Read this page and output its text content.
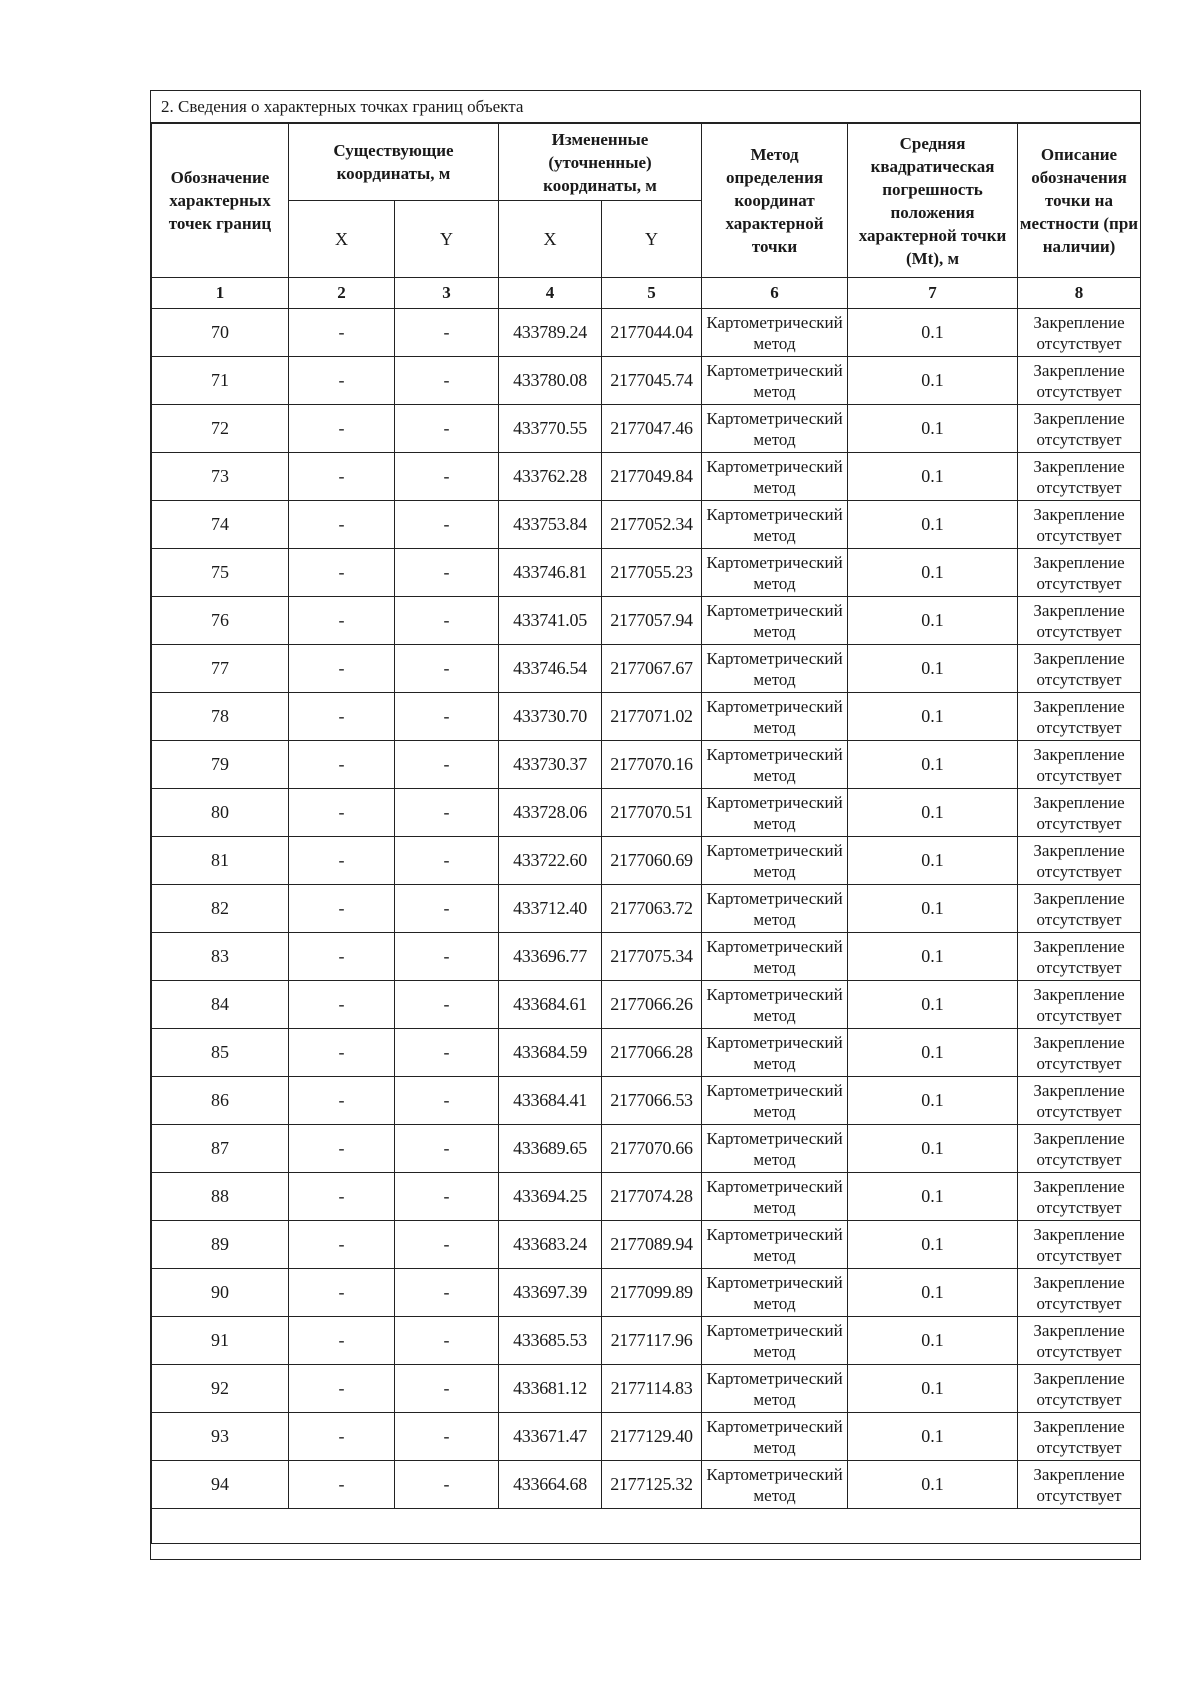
2. Сведения о характерных точках границ объекта
Обозначение характерных точек границ	Существующие координаты, м		Измененные (уточненные) координаты, м		Метод определения координат характерной точки	Средняя квадратическая погрешность положения характерной точки (Mt), м	Описание обозначения точки на местности (при наличии)
	X	Y	X	Y			
1	2	3	4	5	6	7	8
70	-	-	433789.24	2177044.04	Картометрический метод	0.1	Закрепление отсутствует
71	-	-	433780.08	2177045.74	Картометрический метод	0.1	Закрепление отсутствует
72	-	-	433770.55	2177047.46	Картометрический метод	0.1	Закрепление отсутствует
73	-	-	433762.28	2177049.84	Картометрический метод	0.1	Закрепление отсутствует
74	-	-	433753.84	2177052.34	Картометрический метод	0.1	Закрепление отсутствует
75	-	-	433746.81	2177055.23	Картометрический метод	0.1	Закрепление отсутствует
76	-	-	433741.05	2177057.94	Картометрический метод	0.1	Закрепление отсутствует
77	-	-	433746.54	2177067.67	Картометрический метод	0.1	Закрепление отсутствует
78	-	-	433730.70	2177071.02	Картометрический метод	0.1	Закрепление отсутствует
79	-	-	433730.37	2177070.16	Картометрический метод	0.1	Закрепление отсутствует
80	-	-	433728.06	2177070.51	Картометрический метод	0.1	Закрепление отсутствует
81	-	-	433722.60	2177060.69	Картометрический метод	0.1	Закрепление отсутствует
82	-	-	433712.40	2177063.72	Картометрический метод	0.1	Закрепление отсутствует
83	-	-	433696.77	2177075.34	Картометрический метод	0.1	Закрепление отсутствует
84	-	-	433684.61	2177066.26	Картометрический метод	0.1	Закрепление отсутствует
85	-	-	433684.59	2177066.28	Картометрический метод	0.1	Закрепление отсутствует
86	-	-	433684.41	2177066.53	Картометрический метод	0.1	Закрепление отсутствует
87	-	-	433689.65	2177070.66	Картометрический метод	0.1	Закрепление отсутствует
88	-	-	433694.25	2177074.28	Картометрический метод	0.1	Закрепление отсутствует
89	-	-	433683.24	2177089.94	Картометрический метод	0.1	Закрепление отсутствует
90	-	-	433697.39	2177099.89	Картометрический метод	0.1	Закрепление отсутствует
91	-	-	433685.53	2177117.96	Картометрический метод	0.1	Закрепление отсутствует
92	-	-	433681.12	2177114.83	Картометрический метод	0.1	Закрепление отсутствует
93	-	-	433671.47	2177129.40	Картометрический метод	0.1	Закрепление отсутствует
94	-	-	433664.68	2177125.32	Картометрический метод	0.1	Закрепление отсутствует
